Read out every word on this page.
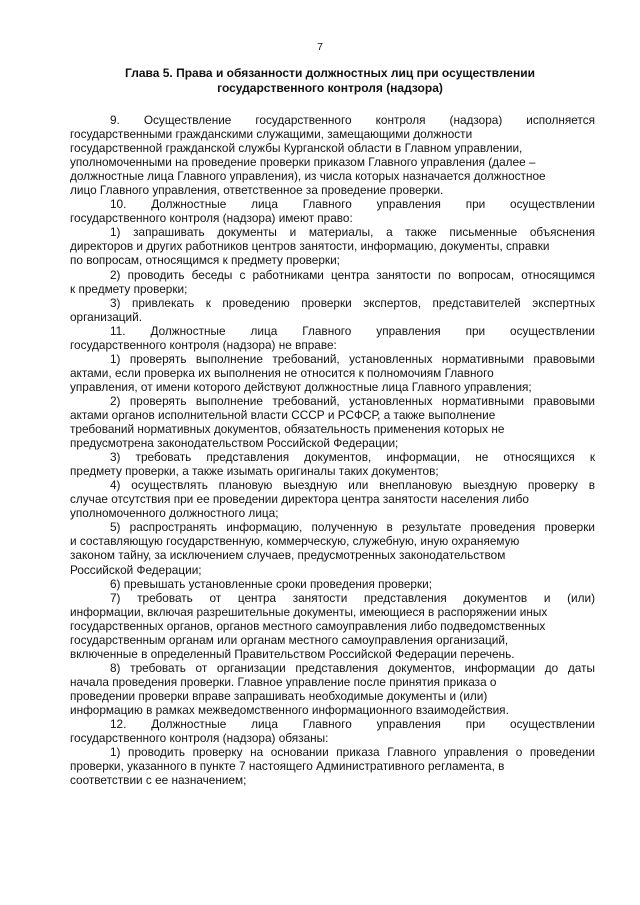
7
Глава 5. Права и обязанности должностных лиц при осуществлении
государственного контроля (надзора)

9. Осуществление государственного контроля (надзора) исполняется
государственными гражданскими служащими, замещающими должности
государственной гражданской службы Курганской области в Главном управлении,
уполномоченными на проведение проверки приказом Главного управления (далее –
должностные лица Главного управления), из числа которых назначается должностное
лицо Главного управления, ответственное за проведение проверки.

10. Должностные лица Главного управления при осуществлении
государственного контроля (надзора) имеют право:

1) запрашивать документы и материалы, а также письменные объяснения
директоров и других работников центров занятости, информацию, документы, справки
по вопросам, относящимся к предмету проверки;

2) проводить беседы с работниками центра занятости по вопросам, относящимся
к предмету проверки;

3) привлекать к проведению проверки экспертов, представителей экспертных
организаций.

11. Должностные лица Главного управления при осуществлении
государственного контроля (надзора) не вправе:

1) проверять выполнение требований, установленных нормативными правовыми
актами, если проверка их выполнения не относится к полномочиям Главного
управления, от имени которого действуют должностные лица Главного управления;

2) проверять выполнение требований, установленных нормативными правовыми
актами органов исполнительной власти СССР и РСФСР, а также выполнение
требований нормативных документов, обязательность применения которых не
предусмотрена законодательством Российской Федерации;

3) требовать представления документов, информации, не относящихся к
предмету проверки, а также изымать оригиналы таких документов;

4) осуществлять плановую выездную или внеплановую выездную проверку в
случае отсутствия при ее проведении директора центра занятости населения либо
уполномоченного должностного лица;

5) распространять информацию, полученную в результате проведения проверки
и составляющую государственную, коммерческую, служебную, иную охраняемую
законом тайну, за исключением случаев, предусмотренных законодательством
Российской Федерации;

6) превышать установленные сроки проведения проверки;

7) требовать от центра занятости представления документов и (или)
информации, включая разрешительные документы, имеющиеся в распоряжении иных
государственных органов, органов местного самоуправления либо подведомственных
государственным органам или органам местного самоуправления организаций,
включенные в определенный Правительством Российской Федерации перечень.

8) требовать от организации представления документов, информации до даты
начала проведения проверки. Главное управление после принятия приказа о
проведении проверки вправе запрашивать необходимые документы и (или)
информацию в рамках межведомственного информационного взаимодействия.

12. Должностные лица Главного управления при осуществлении
государственного контроля (надзора) обязаны:

1) проводить проверку на основании приказа Главного управления о проведении
проверки, указанного в пункте 7 настоящего Административного регламента, в
соответствии с ее назначением;
